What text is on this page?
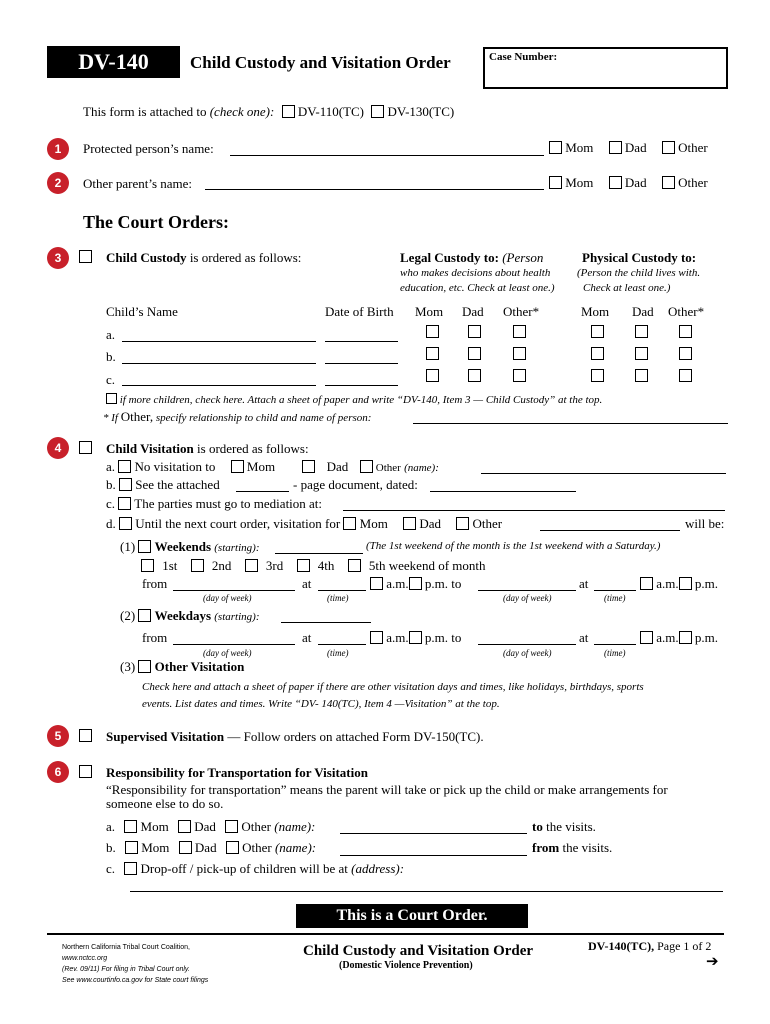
DV-140	Child Custody and Visitation Order	Case Number:
This form is attached to (check one): DV-110(TC) DV-130(TC)
1	Protected person’s name:	Mom Dad Other
2	Other parent’s name:	Mom Dad Other
The Court Orders:
3	Child Custody is ordered as follows:	Legal Custody to: (Person
who makes decisions about health
education, etc. Check at least one.)
Physical Custody to:
(Person the child lives with.
Check at least one.)
Child’s Name	Date of Birth Mom Dad Other*	Mom Dad Other*
a.
b.
c.
if more children, check here. Attach a sheet of paper and write “DV-140, Item 3 — Child Custody” at the top.
* If Other, specify relationship to child and name of person:
4	Child Visitation is ordered as follows:
a. No visitation to Mom	Dad	Other (name):
b. See the attached	- page document, dated:
c. The parties must go to mediation at:
d. Until the next court order, visitation for Mom Dad Other	will be:
(1) Weekends (starting):	(The 1st weekend of the month is the 1st weekend with a Saturday.)
1st	2nd	3rd	4th	5th weekend of month
from	at	a.m. p.m. to	at	a.m. p.m.
(day of week)	(time)	(day of week)	(time)
(2) Weekdays (starting):
from	at	a.m. p.m. to	at	a.m. p.m.
(day of week)	(time)	(day of week)	(time)
(3) Other Visitation
Check here and attach a sheet of paper if there are other visitation days and times, like holidays, birthdays, sports
events. List dates and times. Write “DV- 140(TC), Item 4 —Visitation” at the top.
5	Supervised Visitation — Follow orders on attached Form DV-150(TC).
6	Responsibility for Transportation for Visitation
“Responsibility for transportation” means the parent will take or pick up the child or make arrangements for
someone else to do so.
a. Mom Dad Other (name):	to the visits.
b. Mom Dad Other (name):	from the visits.
c. Drop-off / pick-up of children will be at (address):
This is a Court Order.
Northern California Tribal Court Coalition,
www.nctcc.org
(Rev. 09/11) For filing in Tribal Court only.
See www.courtinfo.ca.gov for State court filings
Child Custody and Visitation Order
(Domestic Violence Prevention)
DV-140(TC), Page 1 of 2
➔
